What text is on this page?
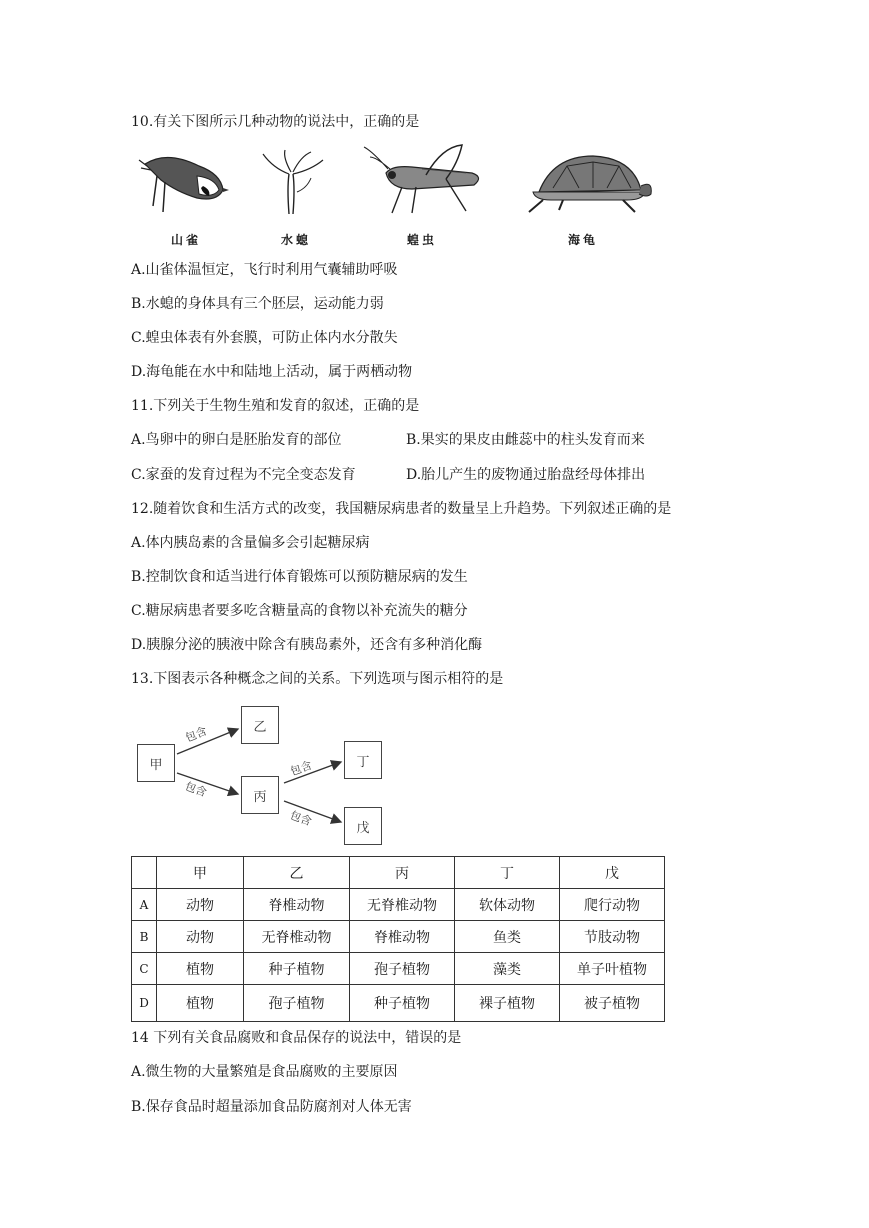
10.有关下图所示几种动物的说法中，正确的是
山雀	水螅	蝗虫	海龟
A.山雀体温恒定，飞行时利用气囊辅助呼吸
B.水螅的身体具有三个胚层，运动能力弱
C.蝗虫体表有外套膜，可防止体内水分散失
D.海龟能在水中和陆地上活动，属于两栖动物
11.下列关于生物生殖和发育的叙述，正确的是
A.鸟卵中的卵白是胚胎发育的部位	B.果实的果皮由雌蕊中的柱头发育而来
C.家蚕的发育过程为不完全变态发育	D.胎儿产生的废物通过胎盘经母体排出
12.随着饮食和生活方式的改变，我国糖尿病患者的数量呈上升趋势。下列叙述正确的是
A.体内胰岛素的含量偏多会引起糖尿病
B.控制饮食和适当进行体育锻炼可以预防糖尿病的发生
C.糖尿病患者要多吃含糖量高的食物以补充流失的糖分
D.胰腺分泌的胰液中除含有胰岛素外，还含有多种消化酶
13.下图表示各种概念之间的关系。下列选项与图示相符的是
甲
乙
丙
丁
戊
包含
包含
包含
包含
	甲	乙	丙	丁	戊
A	动物	脊椎动物	无脊椎动物	软体动物	爬行动物
B	动物	无脊椎动物	脊椎动物	鱼类	节肢动物
C	植物	种子植物	孢子植物	藻类	单子叶植物
D	植物	孢子植物	种子植物	裸子植物	被子植物
14 下列有关食品腐败和食品保存的说法中，错误的是
A.微生物的大量繁殖是食品腐败的主要原因
B.保存食品时超量添加食品防腐剂对人体无害
